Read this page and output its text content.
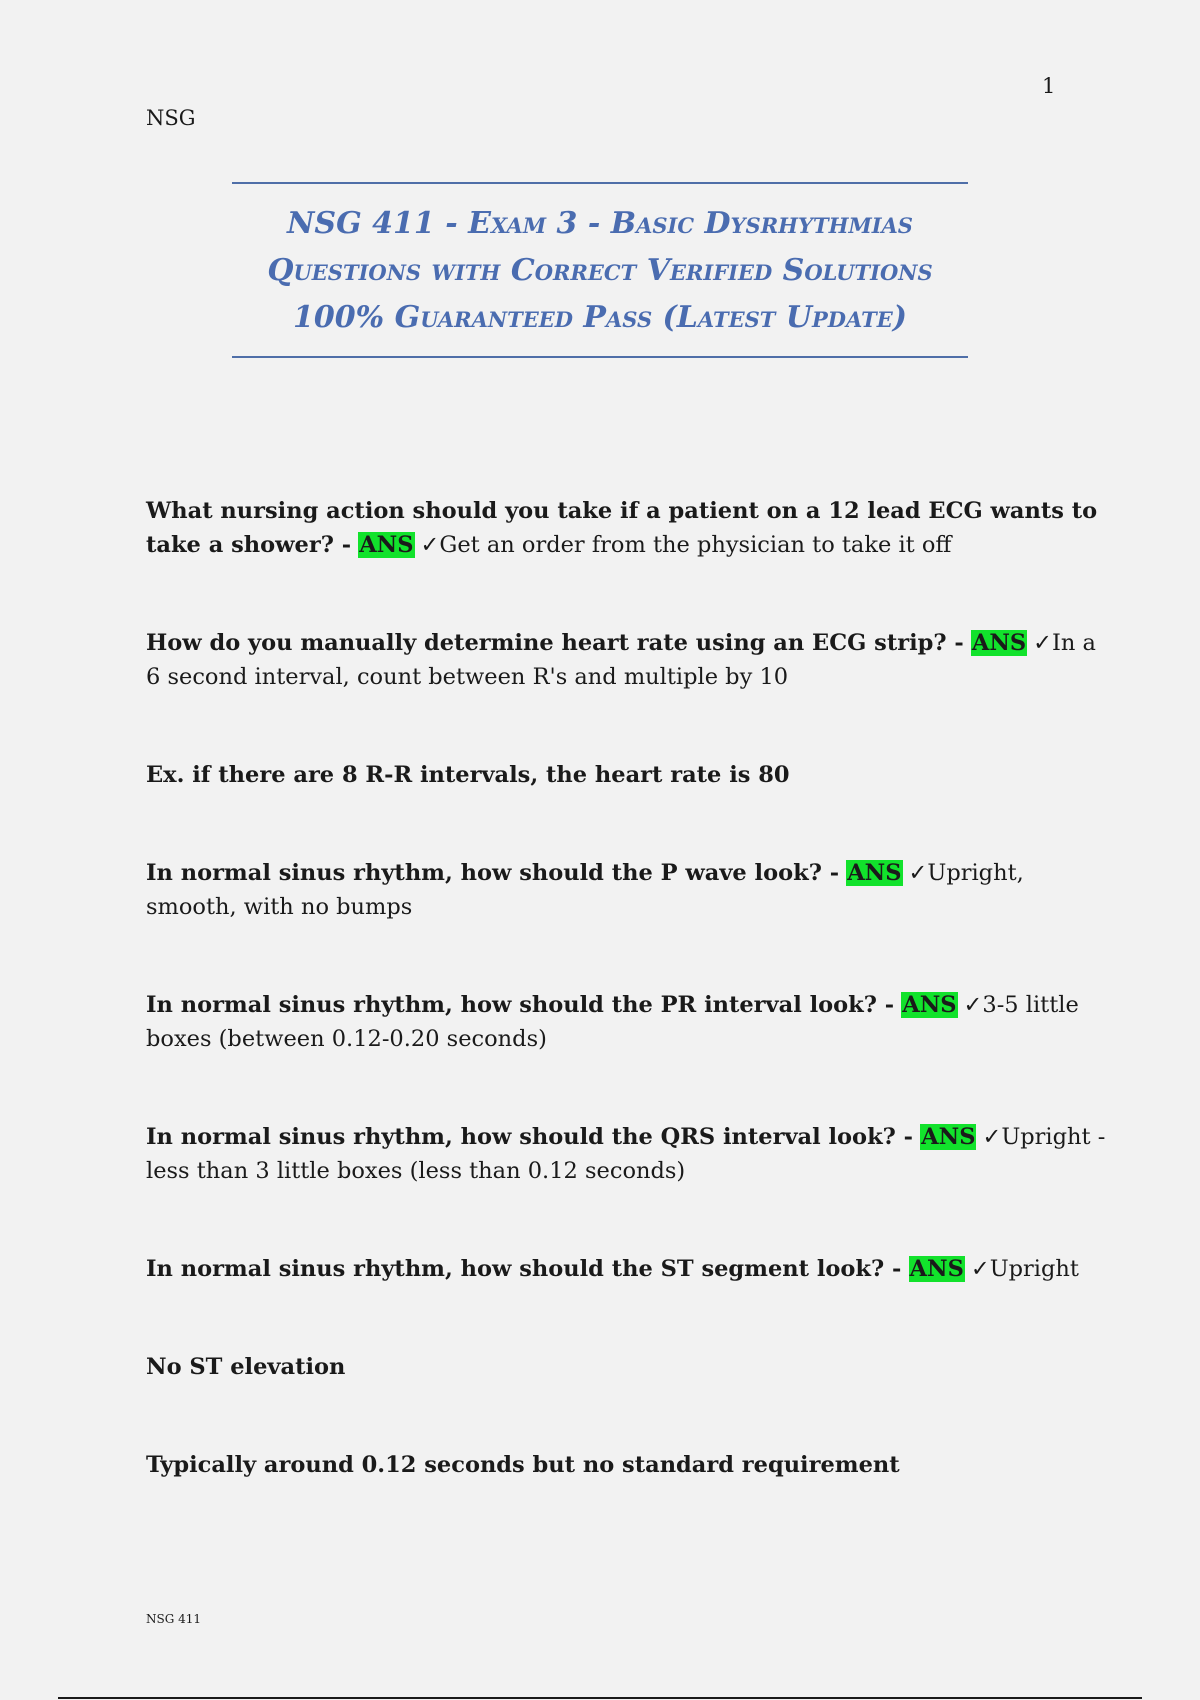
1
NSG
NSG 411 - Exam 3 - Basic Dysrhythmias
Questions with Correct Verified Solutions
100% Guaranteed Pass (Latest Update)
What nursing action should you take if a patient on a 12 lead ECG wants to
take a shower? - ANS ✓Get an order from the physician to take it off
How do you manually determine heart rate using an ECG strip? - ANS ✓In a
6 second interval, count between R's and multiple by 10
Ex. if there are 8 R-R intervals, the heart rate is 80
In normal sinus rhythm, how should the P wave look? - ANS ✓Upright,
smooth, with no bumps
In normal sinus rhythm, how should the PR interval look? - ANS ✓3-5 little
boxes (between 0.12-0.20 seconds)
In normal sinus rhythm, how should the QRS interval look? - ANS ✓Upright -
less than 3 little boxes (less than 0.12 seconds)
In normal sinus rhythm, how should the ST segment look? - ANS ✓Upright
No ST elevation
Typically around 0.12 seconds but no standard requirement
NSG 411
